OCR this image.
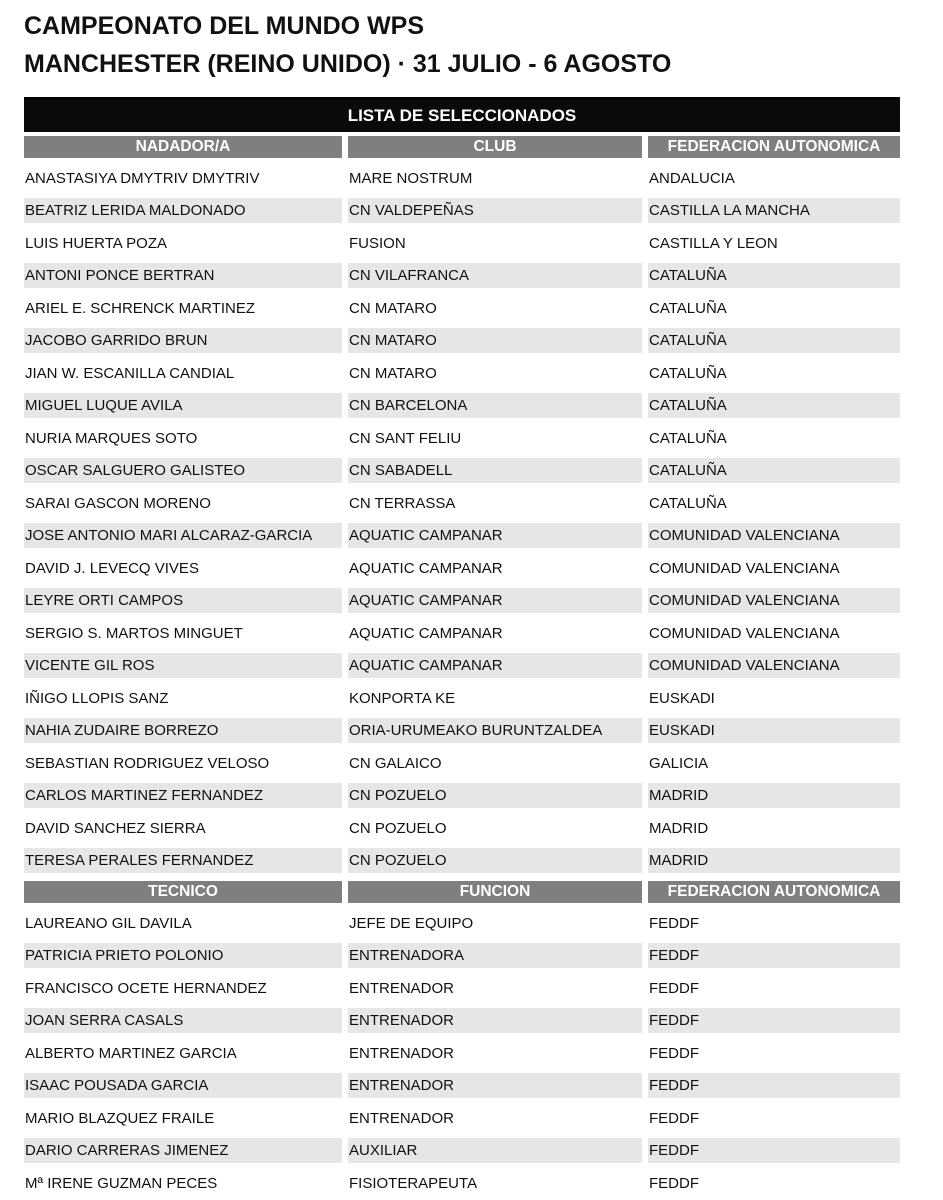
CAMPEONATO DEL MUNDO WPS
MANCHESTER (REINO UNIDO) · 31 JULIO - 6 AGOSTO
LISTA DE SELECCIONADOS
NADADOR/A	CLUB	FEDERACION AUTONOMICA
ANASTASIYA DMYTRIV DMYTRIV	MARE NOSTRUM	ANDALUCIA
BEATRIZ LERIDA MALDONADO	CN VALDEPEÑAS	CASTILLA LA MANCHA
LUIS HUERTA POZA	FUSION	CASTILLA Y LEON
ANTONI PONCE BERTRAN	CN VILAFRANCA	CATALUÑA
ARIEL E. SCHRENCK MARTINEZ	CN MATARO	CATALUÑA
JACOBO GARRIDO BRUN	CN MATARO	CATALUÑA
JIAN W. ESCANILLA CANDIAL	CN MATARO	CATALUÑA
MIGUEL LUQUE AVILA	CN BARCELONA	CATALUÑA
NURIA MARQUES SOTO	CN SANT FELIU	CATALUÑA
OSCAR SALGUERO GALISTEO	CN SABADELL	CATALUÑA
SARAI GASCON MORENO	CN TERRASSA	CATALUÑA
JOSE ANTONIO MARI ALCARAZ-GARCIA	AQUATIC CAMPANAR	COMUNIDAD VALENCIANA
DAVID J. LEVECQ VIVES	AQUATIC CAMPANAR	COMUNIDAD VALENCIANA
LEYRE ORTI CAMPOS	AQUATIC CAMPANAR	COMUNIDAD VALENCIANA
SERGIO S. MARTOS MINGUET	AQUATIC CAMPANAR	COMUNIDAD VALENCIANA
VICENTE GIL ROS	AQUATIC CAMPANAR	COMUNIDAD VALENCIANA
IÑIGO LLOPIS SANZ	KONPORTA KE	EUSKADI
NAHIA ZUDAIRE BORREZO	ORIA-URUMEAKO BURUNTZALDEA	EUSKADI
SEBASTIAN RODRIGUEZ VELOSO	CN GALAICO	GALICIA
CARLOS MARTINEZ FERNANDEZ	CN POZUELO	MADRID
DAVID SANCHEZ SIERRA	CN POZUELO	MADRID
TERESA PERALES FERNANDEZ	CN POZUELO	MADRID
TECNICO	FUNCION	FEDERACION AUTONOMICA
LAUREANO GIL DAVILA	JEFE DE EQUIPO	FEDDF
PATRICIA PRIETO POLONIO	ENTRENADORA	FEDDF
FRANCISCO OCETE HERNANDEZ	ENTRENADOR	FEDDF
JOAN SERRA CASALS	ENTRENADOR	FEDDF
ALBERTO MARTINEZ GARCIA	ENTRENADOR	FEDDF
ISAAC POUSADA GARCIA	ENTRENADOR	FEDDF
MARIO BLAZQUEZ FRAILE	ENTRENADOR	FEDDF
DARIO CARRERAS JIMENEZ	AUXILIAR	FEDDF
Mª IRENE GUZMAN PECES	FISIOTERAPEUTA	FEDDF
